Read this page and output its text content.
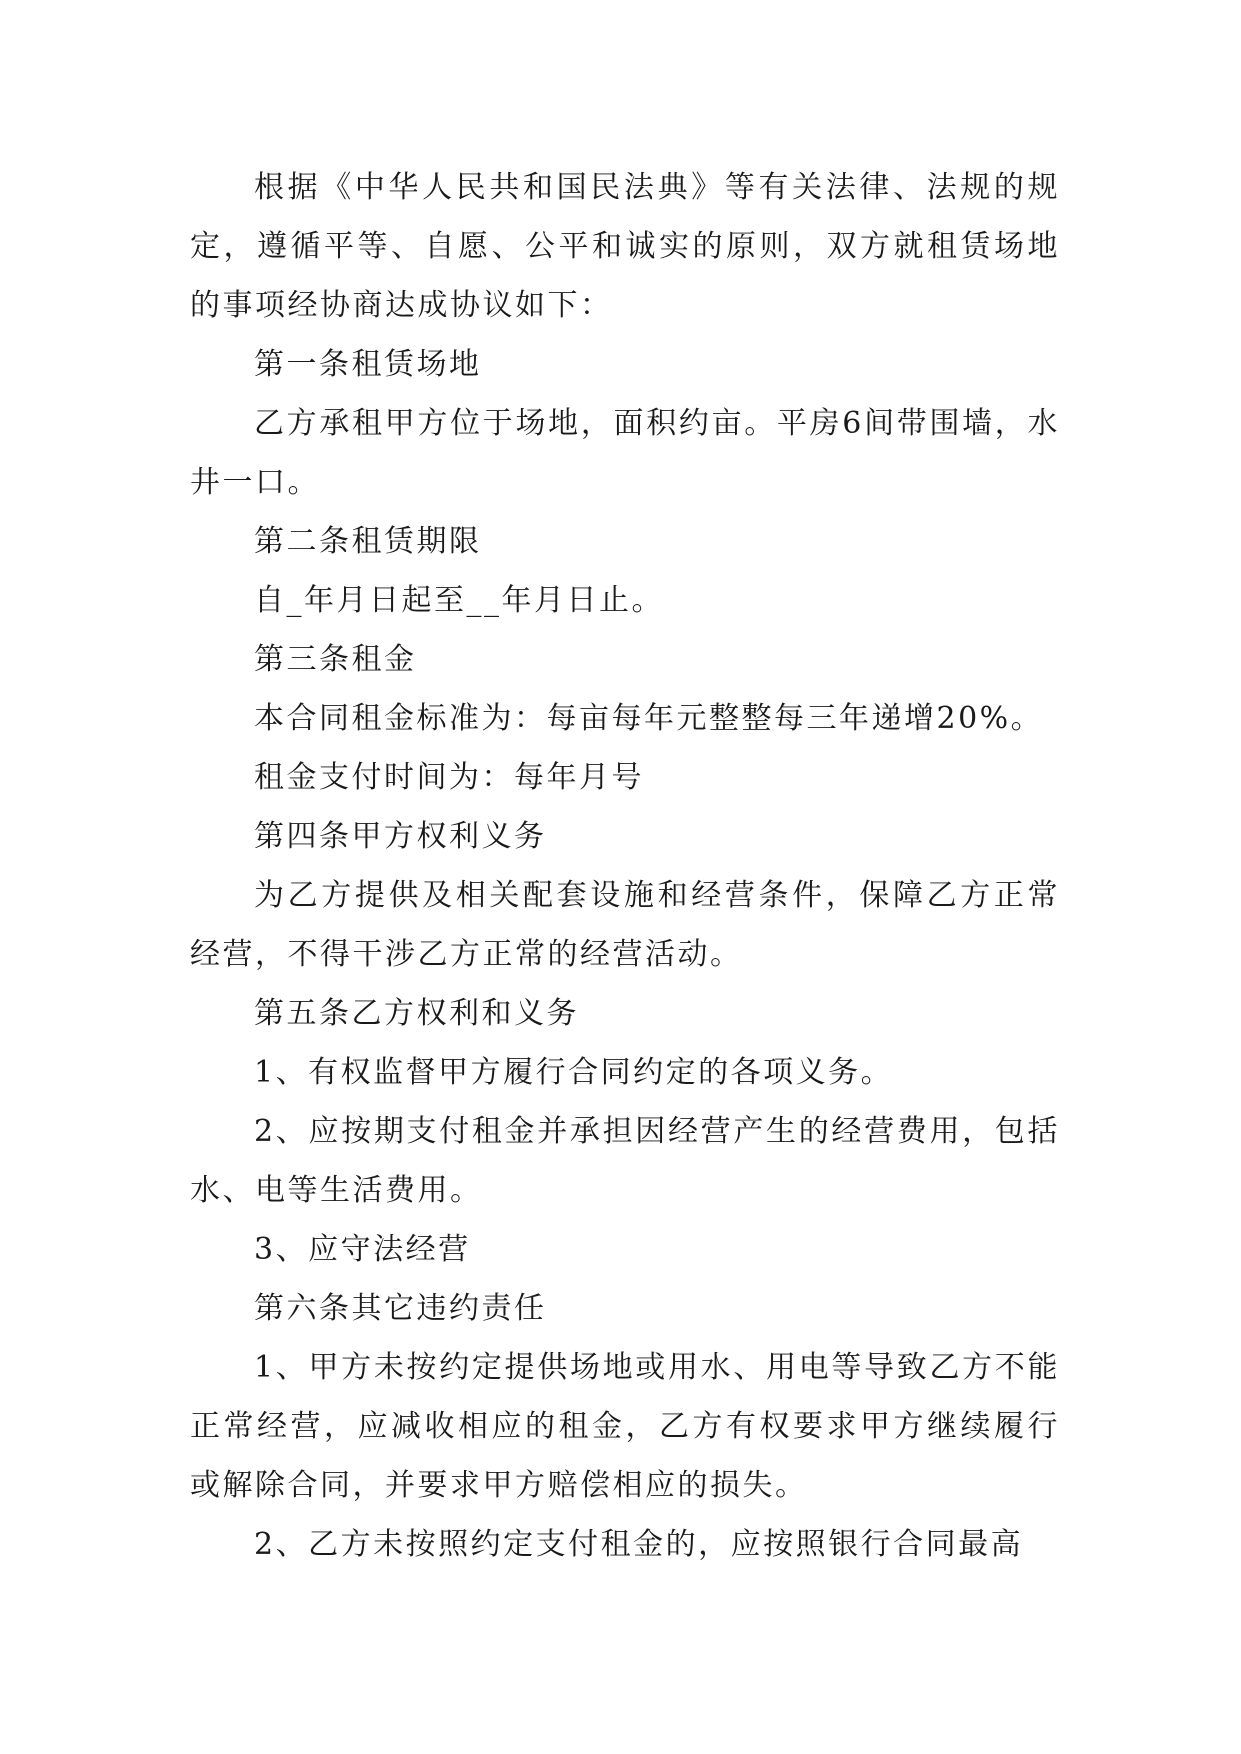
根据《中华人民共和国民法典》等有关法律、法规的规定，遵循平等、自愿、公平和诚实的原则，双方就租赁场地的事项经协商达成协议如下：

第一条租赁场地

乙方承租甲方位于场地，面积约亩。平房6间带围墙，水井一口。

第二条租赁期限

自_年月日起至__年月日止。

第三条租金

本合同租金标准为：每亩每年元整整每三年递增20%。

租金支付时间为：每年月号

第四条甲方权利义务

为乙方提供及相关配套设施和经营条件，保障乙方正常经营，不得干涉乙方正常的经营活动。

第五条乙方权利和义务

1、有权监督甲方履行合同约定的各项义务。

2、应按期支付租金并承担因经营产生的经营费用，包括水、电等生活费用。

3、应守法经营

第六条其它违约责任

1、甲方未按约定提供场地或用水、用电等导致乙方不能正常经营，应减收相应的租金，乙方有权要求甲方继续履行或解除合同，并要求甲方赔偿相应的损失。

2、乙方未按照约定支付租金的，应按照银行合同最高
